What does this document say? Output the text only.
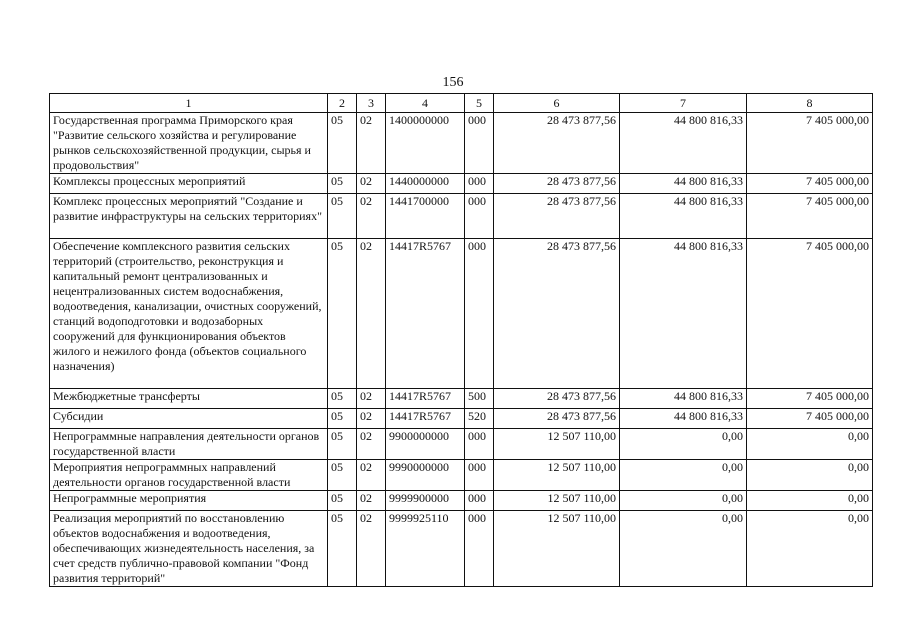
156
1	2	3	4	5	6	7	8
Государственная программа Приморского края "Развитие сельского хозяйства и регулирование рынков сельскохозяйственной продукции, сырья и продовольствия"	05	02	1400000000	000	28 473 877,56	44 800 816,33	7 405 000,00
Комплексы процессных мероприятий	05	02	1440000000	000	28 473 877,56	44 800 816,33	7 405 000,00
Комплекс процессных мероприятий "Создание и развитие инфраструктуры на сельских территориях"	05	02	1441700000	000	28 473 877,56	44 800 816,33	7 405 000,00
Обеспечение комплексного развития сельских территорий (строительство, реконструкция и капитальный ремонт централизованных и нецентрализованных систем водоснабжения, водоотведения, канализации, очистных сооружений, станций водоподготовки и водозаборных сооружений для функционирования объектов жилого и нежилого фонда (объектов социального назначения)	05	02	14417R5767	000	28 473 877,56	44 800 816,33	7 405 000,00
Межбюджетные трансферты	05	02	14417R5767	500	28 473 877,56	44 800 816,33	7 405 000,00
Субсидии	05	02	14417R5767	520	28 473 877,56	44 800 816,33	7 405 000,00
Непрограммные направления деятельности органов государственной власти	05	02	9900000000	000	12 507 110,00	0,00	0,00
Мероприятия непрограммных направлений деятельности органов государственной власти	05	02	9990000000	000	12 507 110,00	0,00	0,00
Непрограммные мероприятия	05	02	9999900000	000	12 507 110,00	0,00	0,00
Реализация мероприятий по восстановлению объектов водоснабжения и водоотведения, обеспечивающих жизнедеятельность населения, за счет средств публично-правовой компании "Фонд развития территорий"	05	02	9999925110	000	12 507 110,00	0,00	0,00
